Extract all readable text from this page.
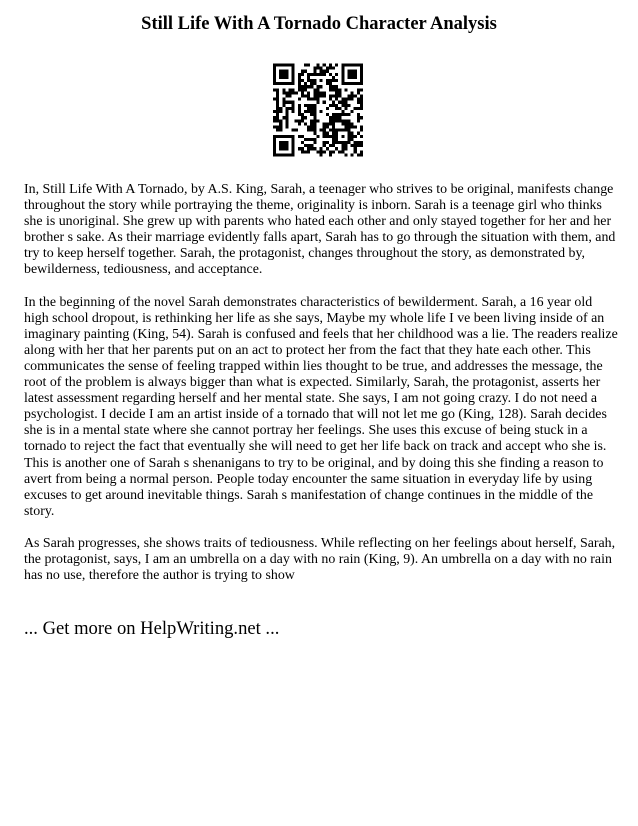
Still Life With A Tornado Character Analysis

In, Still Life With A Tornado, by A.S. King, Sarah, a teenager who strives to be original, manifests change throughout the story while portraying the theme, originality is inborn. Sarah is a teenage girl who thinks she is unoriginal. She grew up with parents who hated each other and only stayed together for her and her brother s sake. As their marriage evidently falls apart, Sarah has to go through the situation with them, and try to keep herself together. Sarah, the protagonist, changes throughout the story, as demonstrated by, bewilderness, tediousness, and acceptance.

In the beginning of the novel Sarah demonstrates characteristics of bewilderment. Sarah, a 16 year old high school dropout, is rethinking her life as she says, Maybe my whole life I ve been living inside of an imaginary painting (King, 54). Sarah is confused and feels that her childhood was a lie. The readers realize along with her that her parents put on an act to protect her from the fact that they hate each other. This communicates the sense of feeling trapped within lies thought to be true, and addresses the message, the root of the problem is always bigger than what is expected. Similarly, Sarah, the protagonist, asserts her latest assessment regarding herself and her mental state. She says, I am not going crazy. I do not need a psychologist. I decide I am an artist inside of a tornado that will not let me go (King, 128). Sarah decides she is in a mental state where she cannot portray her feelings. She uses this excuse of being stuck in a tornado to reject the fact that eventually she will need to get her life back on track and accept who she is. This is another one of Sarah s shenanigans to try to be original, and by doing this she finding a reason to avert from being a normal person. People today encounter the same situation in everyday life by using excuses to get around inevitable things. Sarah s manifestation of change continues in the middle of the story.

As Sarah progresses, she shows traits of tediousness. While reflecting on her feelings about herself, Sarah, the protagonist, says, I am an umbrella on a day with no rain (King, 9). An umbrella on a day with no rain has no use, therefore the author is trying to show

... Get more on HelpWriting.net ...
